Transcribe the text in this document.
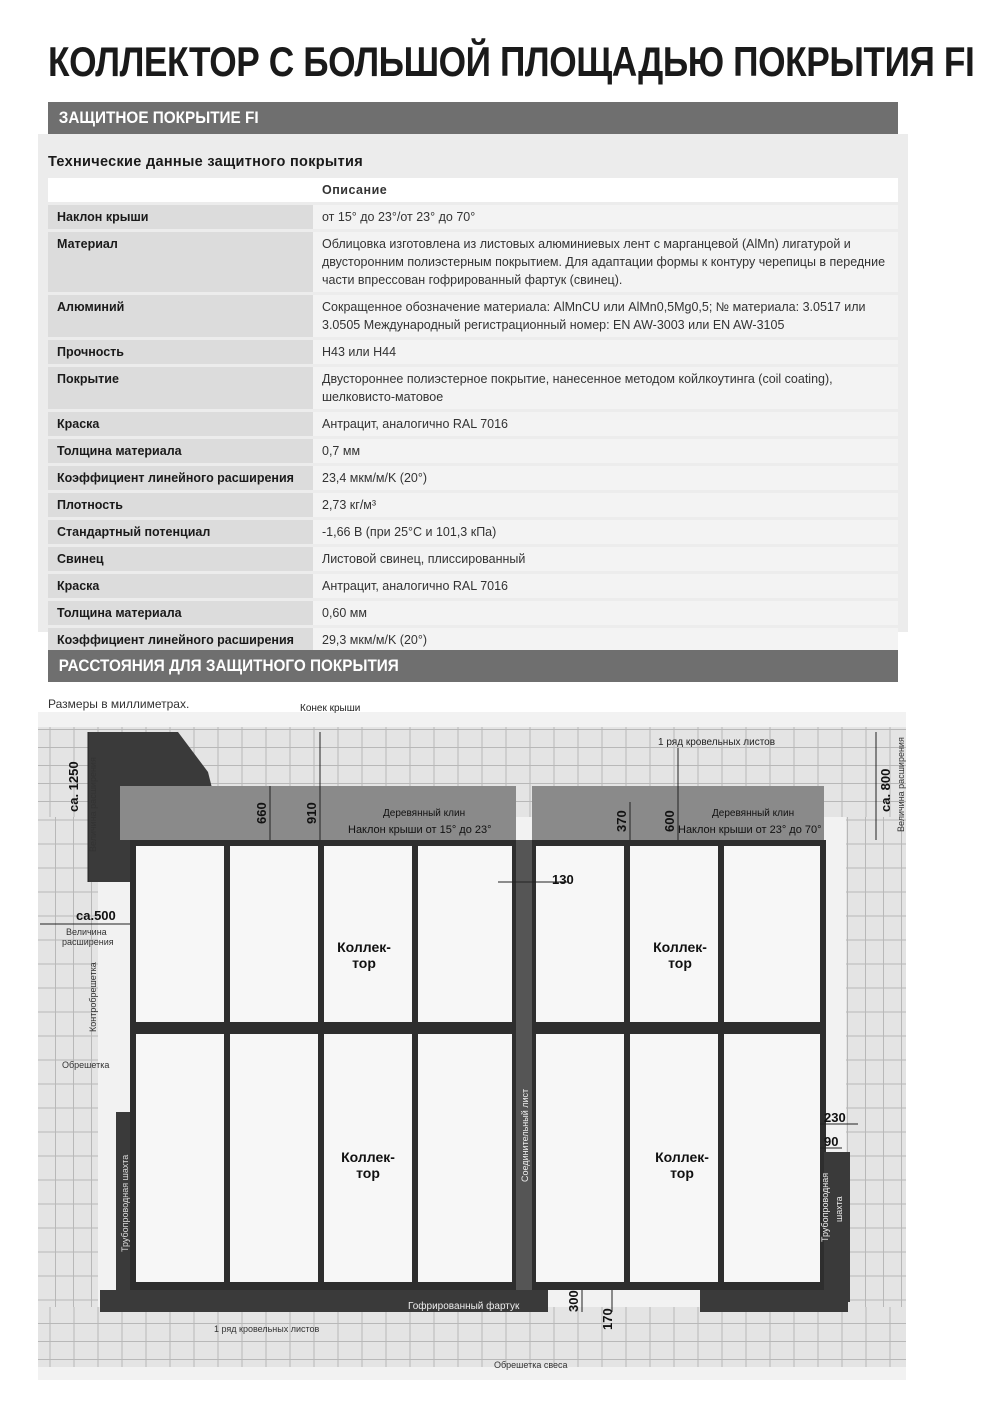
КОЛЛЕКТОР С БОЛЬШОЙ ПЛОЩАДЬЮ ПОКРЫТИЯ FI
ЗАЩИТНОЕ ПОКРЫТИЕ FI
Технические данные защитного покрытия
	Описание
Наклон крыши	от 15° до 23°/от 23° до 70°
Материал	Облицовка изготовлена из листовых алюминиевых лент с марганцевой (AlMn) лигатурой и двусторонним полиэстерным покрытием. Для адаптации формы к контуру черепицы в передние части впрессован гофрированный фартук (свинец).
Алюминий	Сокращенное обозначение материала: AlMnCU или AlMn0,5Mg0,5; № материала: 3.0517 или 3.0505 Международный регистрационный номер: EN AW-3003 или EN AW-3105
Прочность	H43 или H44
Покрытие	Двустороннее полиэстерное покрытие, нанесенное методом койлкоутинга (coil coating), шелковисто-матовое
Краска	Антрацит, аналогично RAL 7016
Толщина материала	0,7 мм
Коэффициент линейного расширения	23,4 мкм/м/K (20°)
Плотность	2,73 кг/м³
Стандартный потенциал	-1,66 В (при 25°C и 101,3 кПа)
Свинец	Листовой свинец, плиссированный
Краска	Антрацит, аналогично RAL 7016
Толщина материала	0,60 мм
Коэффициент линейного расширения	29,3 мкм/м/K (20°)
РАССТОЯНИЯ ДЛЯ ЗАЩИТНОГО ПОКРЫТИЯ
Размеры в миллиметрах.	Конек крыши
1 ряд кровельных листов
Деревянный клин
Наклон крыши от 15° до 23°
Деревянный клин
Наклон крыши от 23° до 70°
ca. 1250 Величина расширения	ca. 800 Величина расширения
660	910	370	600
130
ca.500
Величина
расширения
Контробрешетка
Обрешетка
Коллек-
тор
Коллек-
тор
Коллек-
тор
Коллек-
тор
Соединительный лист
Трубопроводная шахта	Трубопроводная шахта
230
90
300
170
Гофрированный фартук
1 ряд кровельных листов
Обрешетка свеса
